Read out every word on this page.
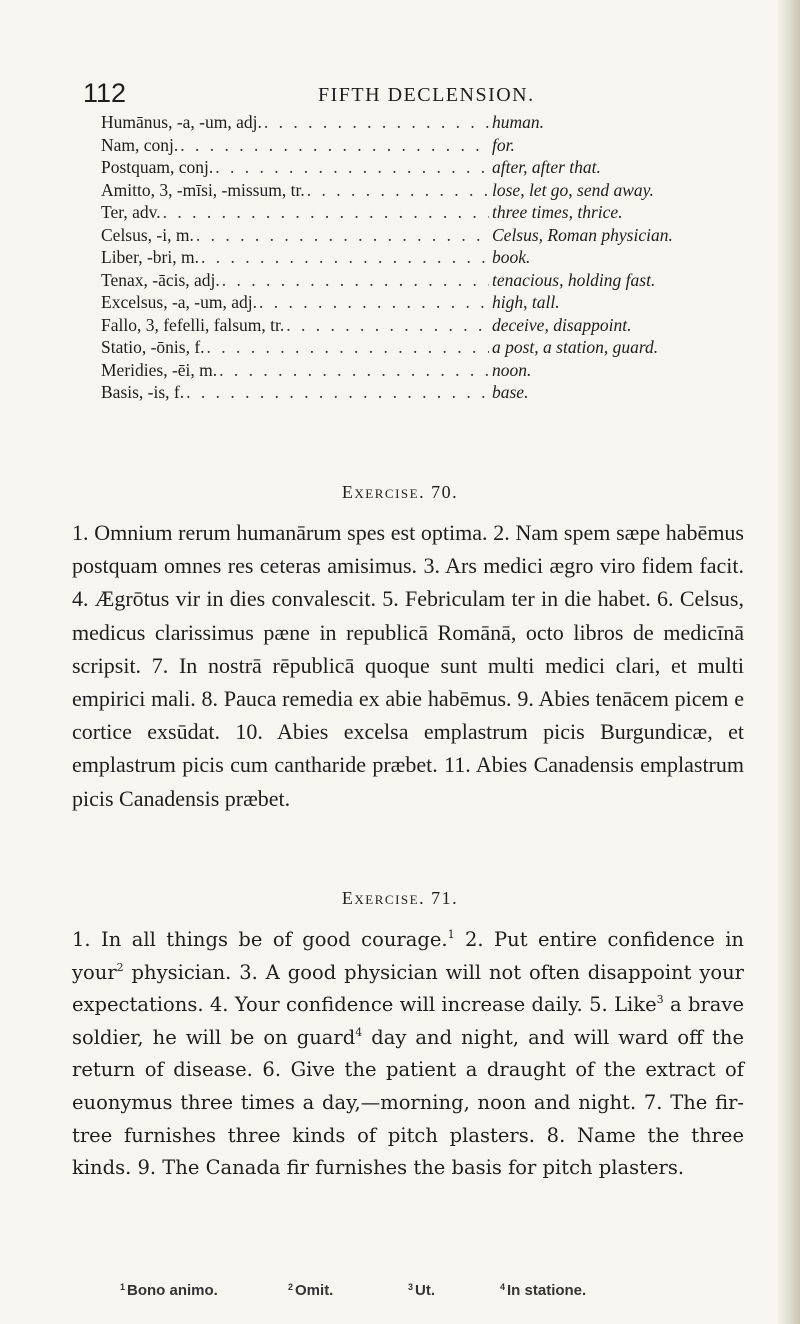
112	FIFTH DECLENSION.
Humānus, -a, -um, adj. . . .	human.
Nam, conj. . . .	for.
Postquam, conj. . . .	after, after that.
Amitto, 3, -mīsi, -missum, tr. . . .	lose, let go, send away.
Ter, adv. . . .	three times, thrice.
Celsus, -i, m. . . .	Celsus, Roman physician.
Liber, -bri, m. . . .	book.
Tenax, -ācis, adj. . . .	tenacious, holding fast.
Excelsus, -a, -um, adj. . . .	high, tall.
Fallo, 3, fefelli, falsum, tr. . . .	deceive, disappoint.
Statio, -ōnis, f. . . .	a post, a station, guard.
Meridies, -ēi, m. . . .	noon.
Basis, -is, f. . . .	base.
Exercise. 70.
1. Omnium rerum humanārum spes est optima. 2. Nam spem sæpe habēmus postquam omnes res ceteras amisimus. 3. Ars medici ægro viro fidem facit. 4. Ægrōtus vir in dies convalescit. 5. Febriculam ter in die habet. 6. Celsus, medicus clarissimus pæne in republicā Romānā, octo libros de medicīnā scripsit. 7. In nostrā rēpublicā quoque sunt multi medici clari, et multi empirici mali. 8. Pauca remedia ex abie habēmus. 9. Abies tenācem picem e cortice exsūdat. 10. Abies excelsa emplastrum picis Burgundicæ, et emplastrum picis cum cantharide præbet. 11. Abies Canadensis emplastrum picis Canadensis præbet.
Exercise. 71.
1. In all things be of good courage.$^1$ 2. Put entire confidence in your$^2$ physician. 3. A good physician will not often disappoint your expectations. 4. Your confidence will increase daily. 5. Like$^3$ a brave soldier, he will be on guard$^4$ day and night, and will ward off the return of disease. 6. Give the patient a draught of the extract of euonymus three times a day,—morning, noon and night. 7. The fir-tree furnishes three kinds of pitch plasters. 8. Name the three kinds. 9. The Canada fir furnishes the basis for pitch plasters.
$^1$ Bono animo.	$^2$ Omit.	$^3$ Ut.	$^4$ In statione.
